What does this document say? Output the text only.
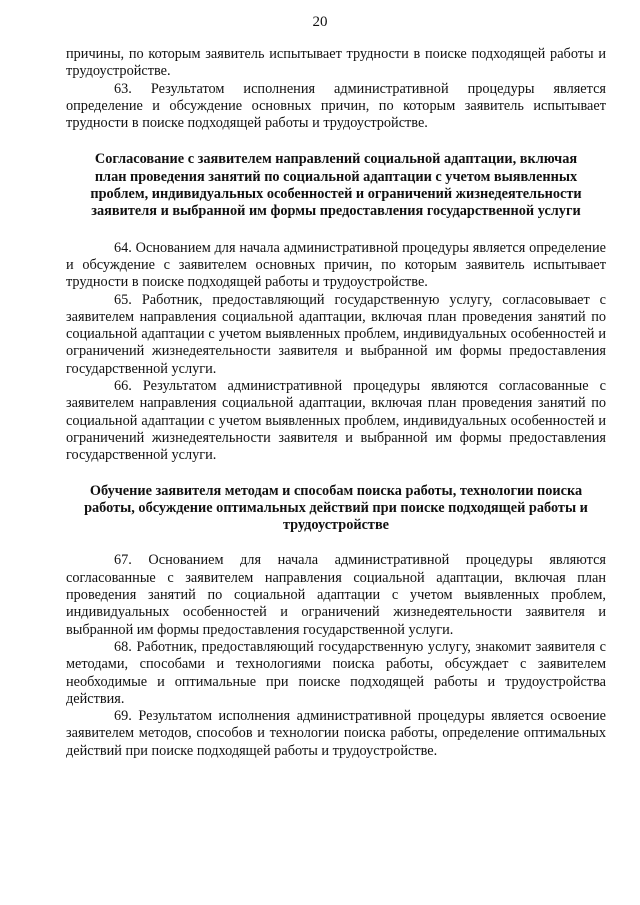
20

причины, по которым заявитель испытывает трудности в поиске подходящей работы и трудоустройстве.

63. Результатом исполнения административной процедуры является определение и обсуждение основных причин, по которым заявитель испытывает трудности в поиске подходящей работы и трудоустройстве.

Согласование с заявителем направлений социальной адаптации, включая план проведения занятий по социальной адаптации с учетом выявленных проблем, индивидуальных особенностей и ограничений жизнедеятельности заявителя и выбранной им формы предоставления государственной услуги

64. Основанием для начала административной процедуры является определение и обсуждение с заявителем основных причин, по которым заявитель испытывает трудности в поиске подходящей работы и трудоустройстве.

65. Работник, предоставляющий государственную услугу, согласовывает с заявителем направления социальной адаптации, включая план проведения занятий по социальной адаптации с учетом выявленных проблем, индивидуальных особенностей и ограничений жизнедеятельности заявителя и выбранной им формы предоставления государственной услуги.

66. Результатом административной процедуры являются согласованные с заявителем направления социальной адаптации, включая план проведения занятий по социальной адаптации с учетом выявленных проблем, индивидуальных особенностей и ограничений жизнедеятельности заявителя и выбранной им формы предоставления государственной услуги.

Обучение заявителя методам и способам поиска работы, технологии поиска работы, обсуждение оптимальных действий при поиске подходящей работы и трудоустройстве

67. Основанием для начала административной процедуры являются согласованные с заявителем направления социальной адаптации, включая план проведения занятий по социальной адаптации с учетом выявленных проблем, индивидуальных особенностей и ограничений жизнедеятельности заявителя и выбранной им формы предоставления государственной услуги.

68. Работник, предоставляющий государственную услугу, знакомит заявителя с методами, способами и технологиями поиска работы, обсуждает с заявителем необходимые и оптимальные при поиске подходящей работы и трудоустройства действия.

69. Результатом исполнения административной процедуры является освоение заявителем методов, способов и технологии поиска работы, определение оптимальных действий при поиске подходящей работы и трудоустройстве.
